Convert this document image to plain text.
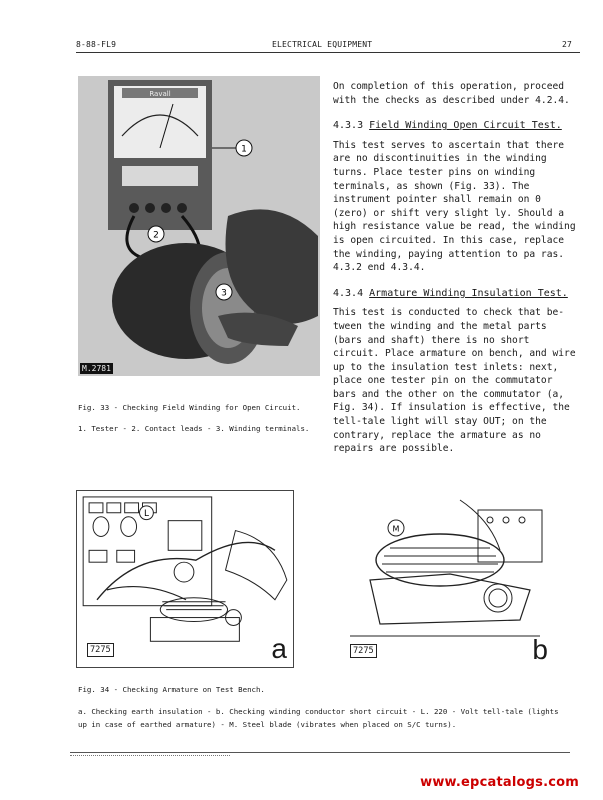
8-88-FL9	ELECTRICAL EQUIPMENT	27
Ravall
1
2
3
M.2781
Fig. 33 - Checking Field Winding for Open Circuit.
1. Tester - 2. Contact leads - 3. Winding terminals.

On completion of this operation, proceed with the checks as described under 4.2.4.

4.3.3 Field Winding Open Circuit Test.

This test serves to ascertain that there are no discontinuities in the winding turns. Place tester pins on winding terminals, as shown (Fig. 33). The instrument pointer shall remain on 0 (zero) or shift very slight ly. Should a high resistance value be read, the winding is open circuited. In this case, replace the winding, paying attention to pa ras. 4.3.2 end 4.3.4.

4.3.4 Armature Winding Insulation Test.

This test is conducted to check that be- tween the winding and the metal parts (bars and shaft) there is no short circuit. Place armature on bench, and wire up to the insulation test inlets: next, place one tester pin on the commutator bars and the other on the commutator (a, Fig. 34). If insulation is effective, the tell-tale light will stay OUT; on the contrary, replace the armature as no repairs are possible.

L
7275	a
M
7275	b
Fig. 34 - Checking Armature on Test Bench.
a. Checking earth insulation - b. Checking winding conductor short circuit - L. 220 - Volt tell-tale (lights up in case of earthed armature) - M. Steel blade (vibrates when placed on S/C turns).
www.epcatalogs.com
